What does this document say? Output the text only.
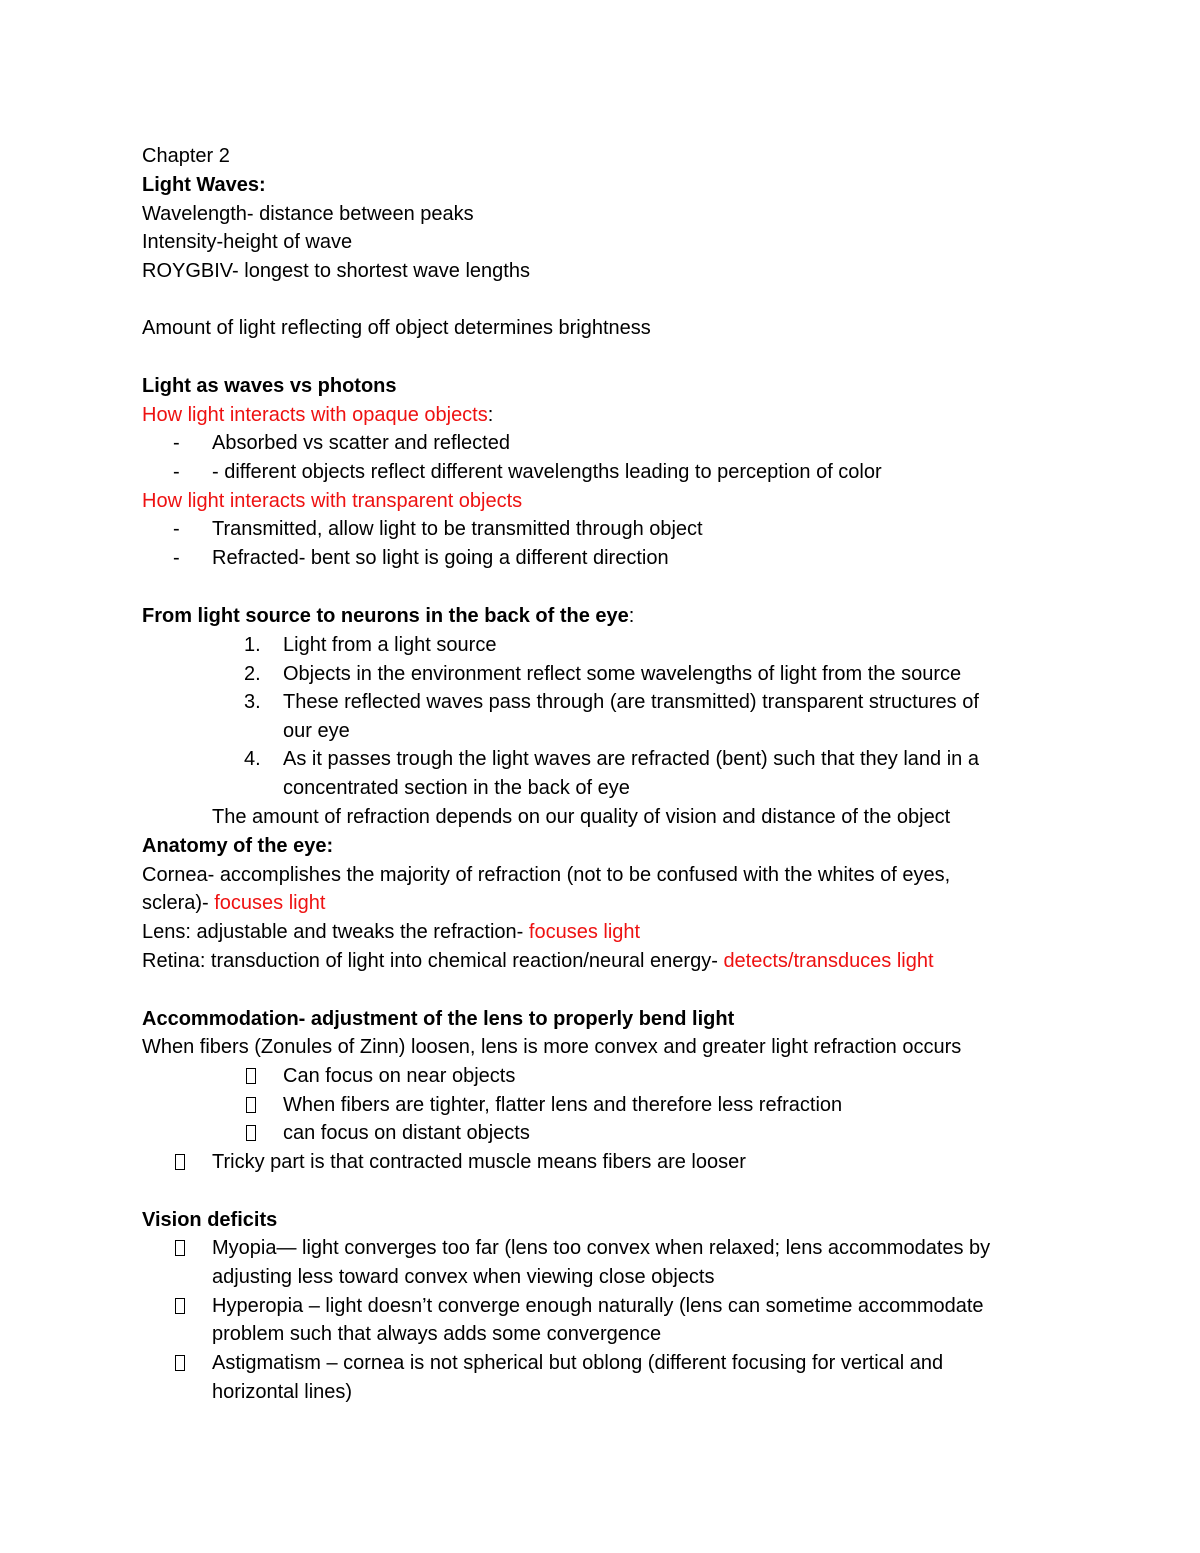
Chapter 2
Light Waves:
Wavelength- distance between peaks
Intensity-height of wave
ROYGBIV- longest to shortest wave lengths
Amount of light reflecting off object determines brightness
Light as waves vs photons
How light interacts with opaque objects:
- Absorbed vs scatter and reflected
- - different objects reflect different wavelengths leading to perception of color
How light interacts with transparent objects
- Transmitted, allow light to be transmitted through object
- Refracted- bent so light is going a different direction
From light source to neurons in the back of the eye:
1. Light from a light source
2. Objects in the environment reflect some wavelengths of light from the source
3. These reflected waves pass through (are transmitted) transparent structures of
our eye
4. As it passes trough the light waves are refracted (bent) such that they land in a
concentrated section in the back of eye
The amount of refraction depends on our quality of vision and distance of the object
Anatomy of the eye:
Cornea- accomplishes the majority of refraction (not to be confused with the whites of eyes,
sclera)- focuses light
Lens: adjustable and tweaks the refraction- focuses light
Retina: transduction of light into chemical reaction/neural energy- detects/transduces light
Accommodation- adjustment of the lens to properly bend light
When fibers (Zonules of Zinn) loosen, lens is more convex and greater light refraction occurs
Can focus on near objects
When fibers are tighter, flatter lens and therefore less refraction
can focus on distant objects
Tricky part is that contracted muscle means fibers are looser
Vision deficits
Myopia— light converges too far (lens too convex when relaxed; lens accommodates by
adjusting less toward convex when viewing close objects
Hyperopia – light doesn’t converge enough naturally (lens can sometime accommodate
problem such that always adds some convergence
Astigmatism – cornea is not spherical but oblong (different focusing for vertical and
horizontal lines)
